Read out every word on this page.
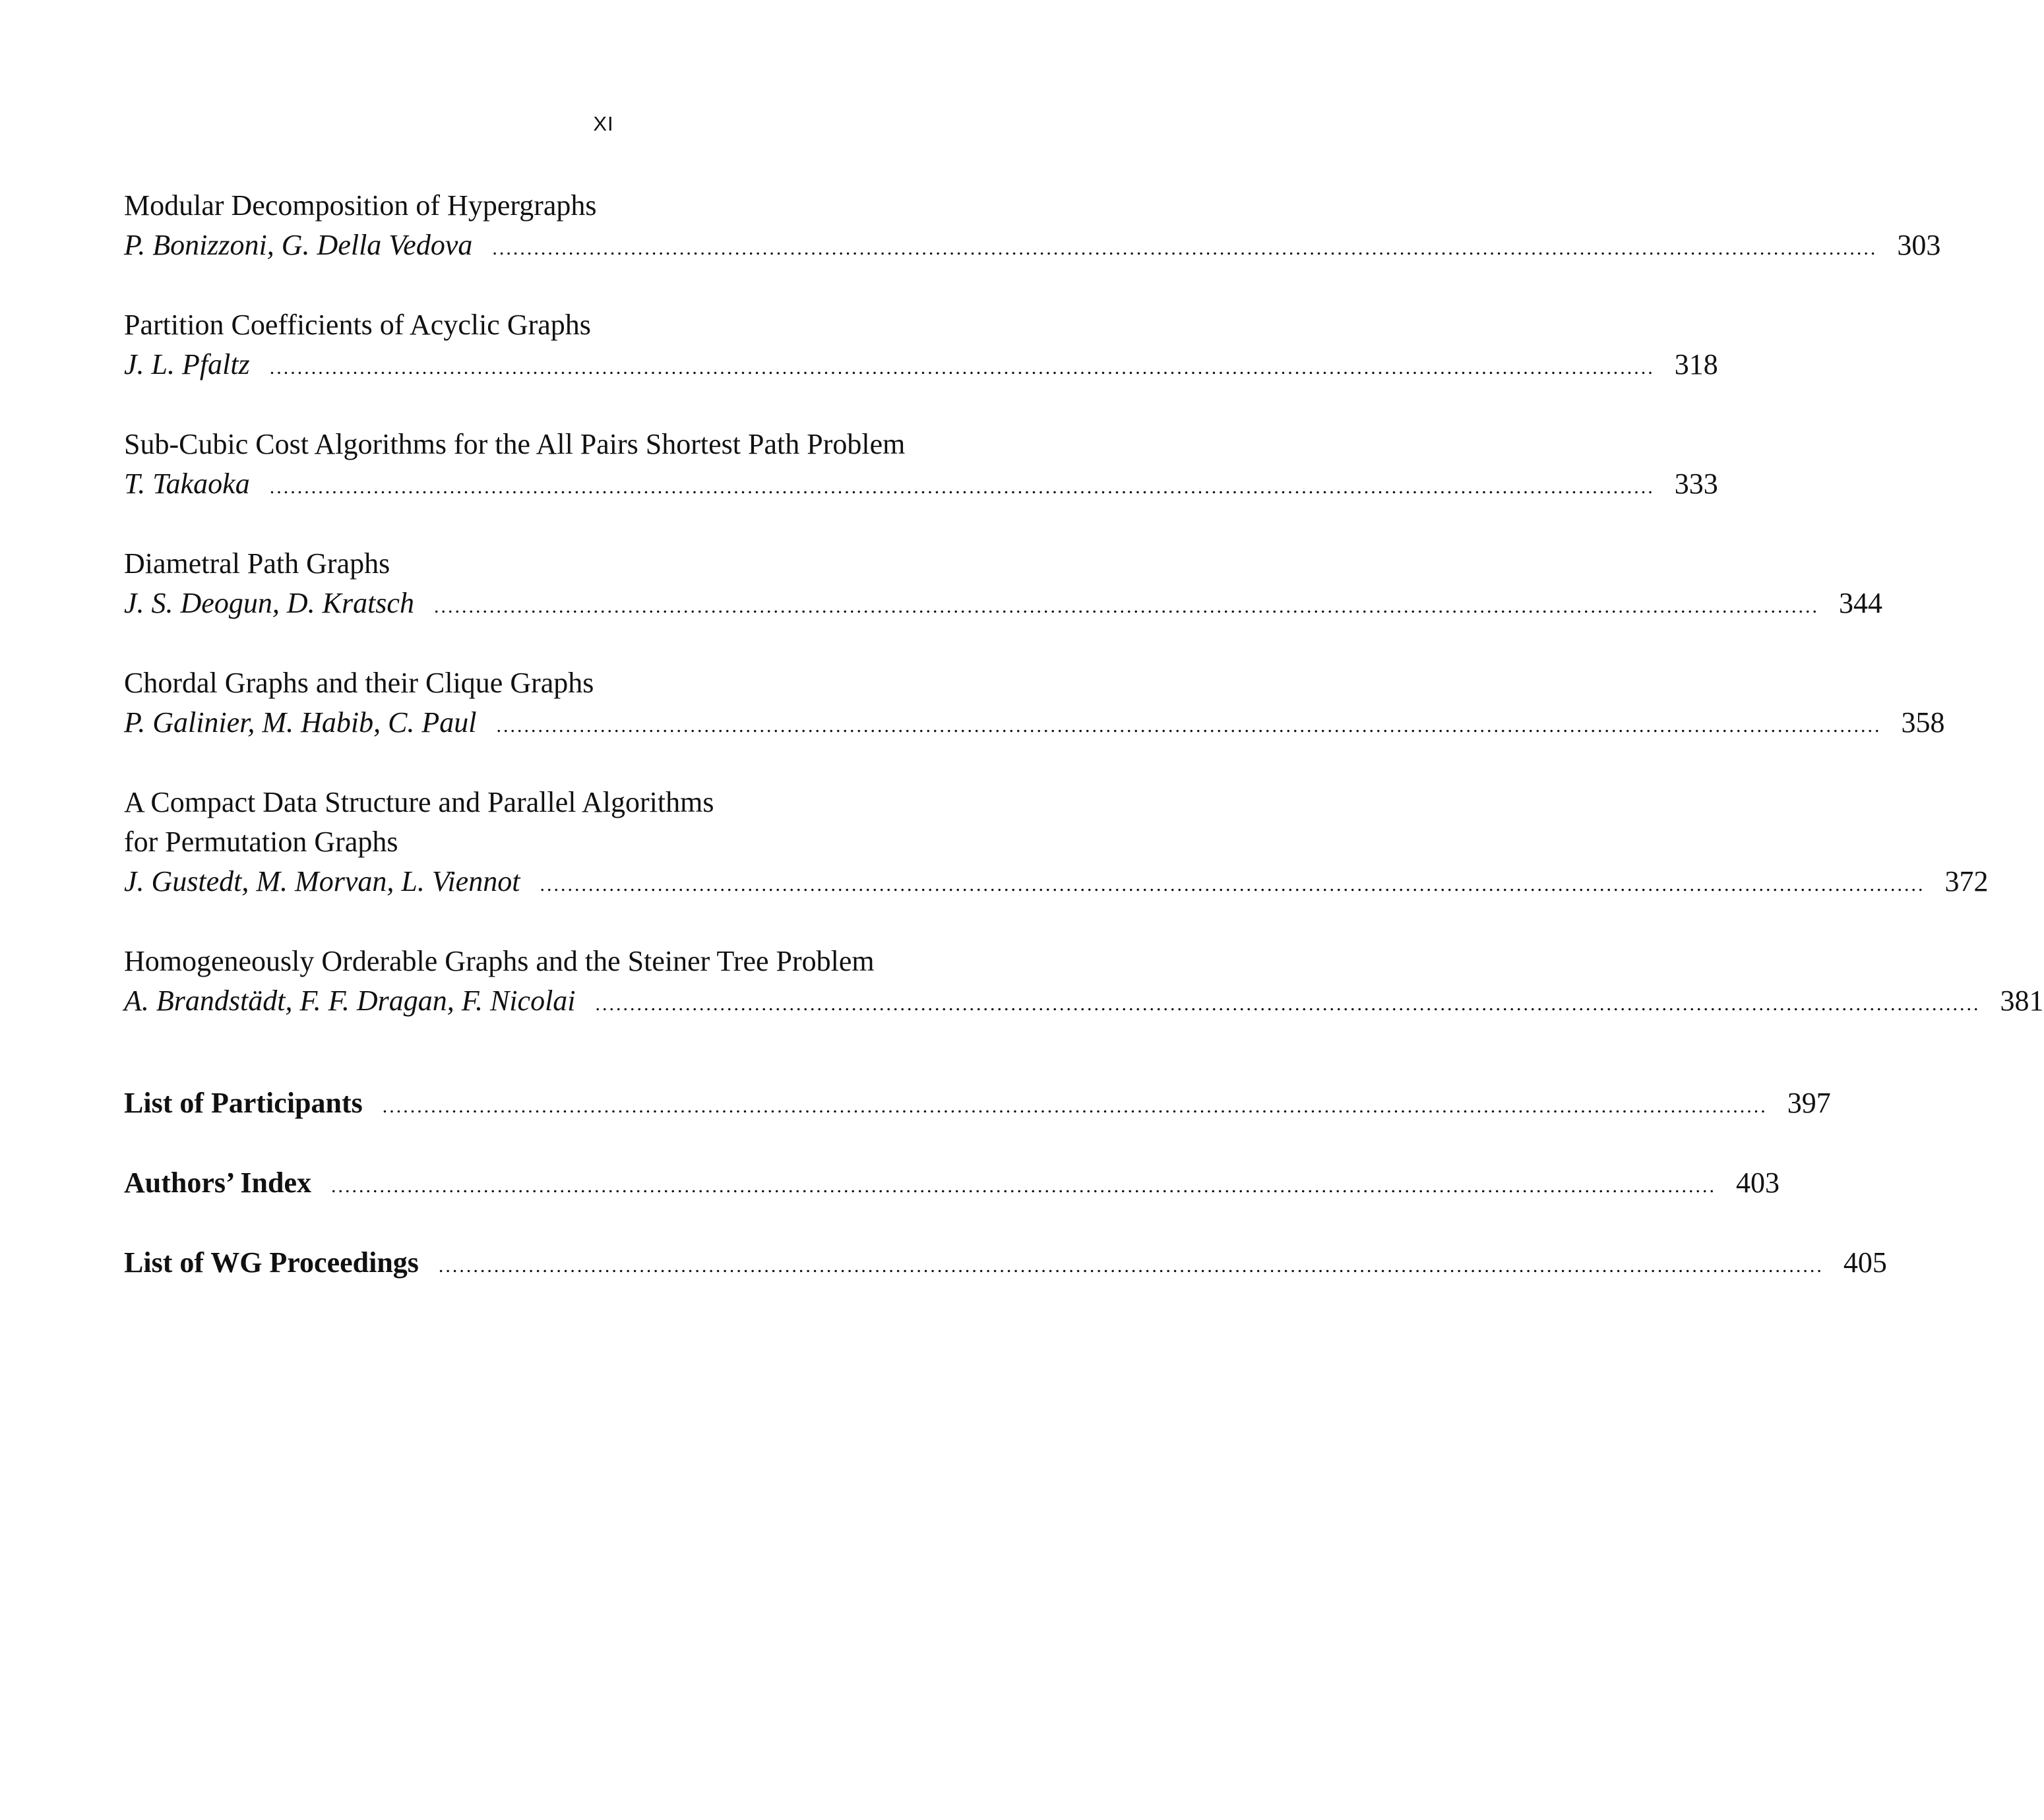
XI
Modular Decomposition of Hypergraphs
P. Bonizzoni, G. Della Vedova	........................................................................................................................................................................................................ 303
Partition Coefficients of Acyclic Graphs
J. L. Pfaltz	........................................................................................................................................................................................................ 318
Sub-Cubic Cost Algorithms for the All Pairs Shortest Path Problem
T. Takaoka	........................................................................................................................................................................................................ 333
Diametral Path Graphs
J. S. Deogun, D. Kratsch	........................................................................................................................................................................................................ 344
Chordal Graphs and their Clique Graphs
P. Galinier, M. Habib, C. Paul	........................................................................................................................................................................................................ 358
A Compact Data Structure and Parallel Algorithms
for Permutation Graphs
J. Gustedt, M. Morvan, L. Viennot	........................................................................................................................................................................................................ 372
Homogeneously Orderable Graphs and the Steiner Tree Problem
A. Brandstädt, F. F. Dragan, F. Nicolai	........................................................................................................................................................................................................ 381
List of Participants	........................................................................................................................................................................................................ 397
Authors’ Index	........................................................................................................................................................................................................ 403
List of WG Proceedings	........................................................................................................................................................................................................ 405
